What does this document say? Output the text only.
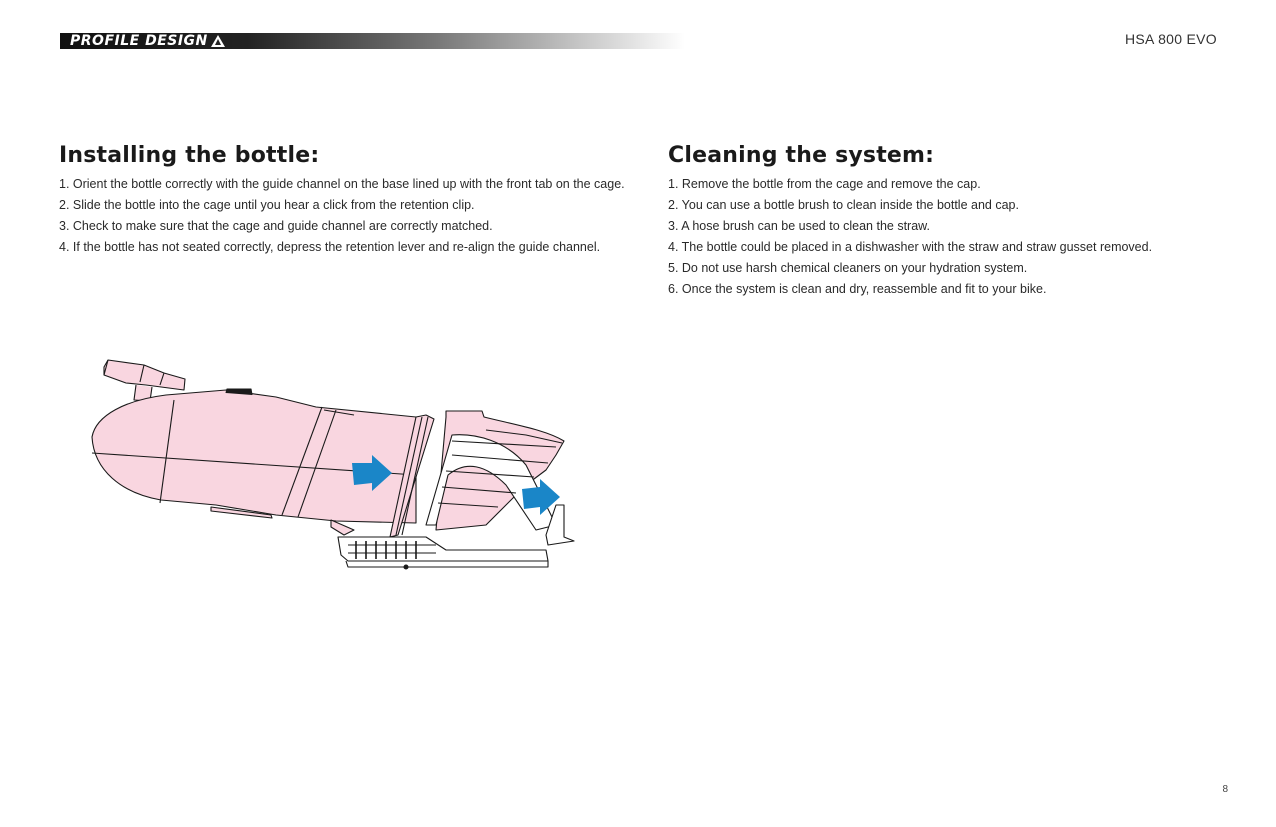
PROFILE DESIGN	HSA 800 EVO
Installing the bottle:
1. Orient the bottle correctly with the guide channel on the base lined up with the front tab on the cage.
2. Slide the bottle into the cage until you hear a click from the retention clip.
3. Check to make sure that the cage and guide channel are correctly matched.
4. If the bottle has not seated correctly, depress the retention lever and re-align the guide channel.
Cleaning the system:
1. Remove the bottle from the cage and remove the cap.
2. You can use a bottle brush to clean inside the bottle and cap.
3. A hose brush can be used to clean the straw.
4. The bottle could be placed in a dishwasher with the straw and straw gusset removed.
5. Do not use harsh chemical cleaners on your hydration system.
6. Once the system is clean and dry, reassemble and fit to your bike.
8
